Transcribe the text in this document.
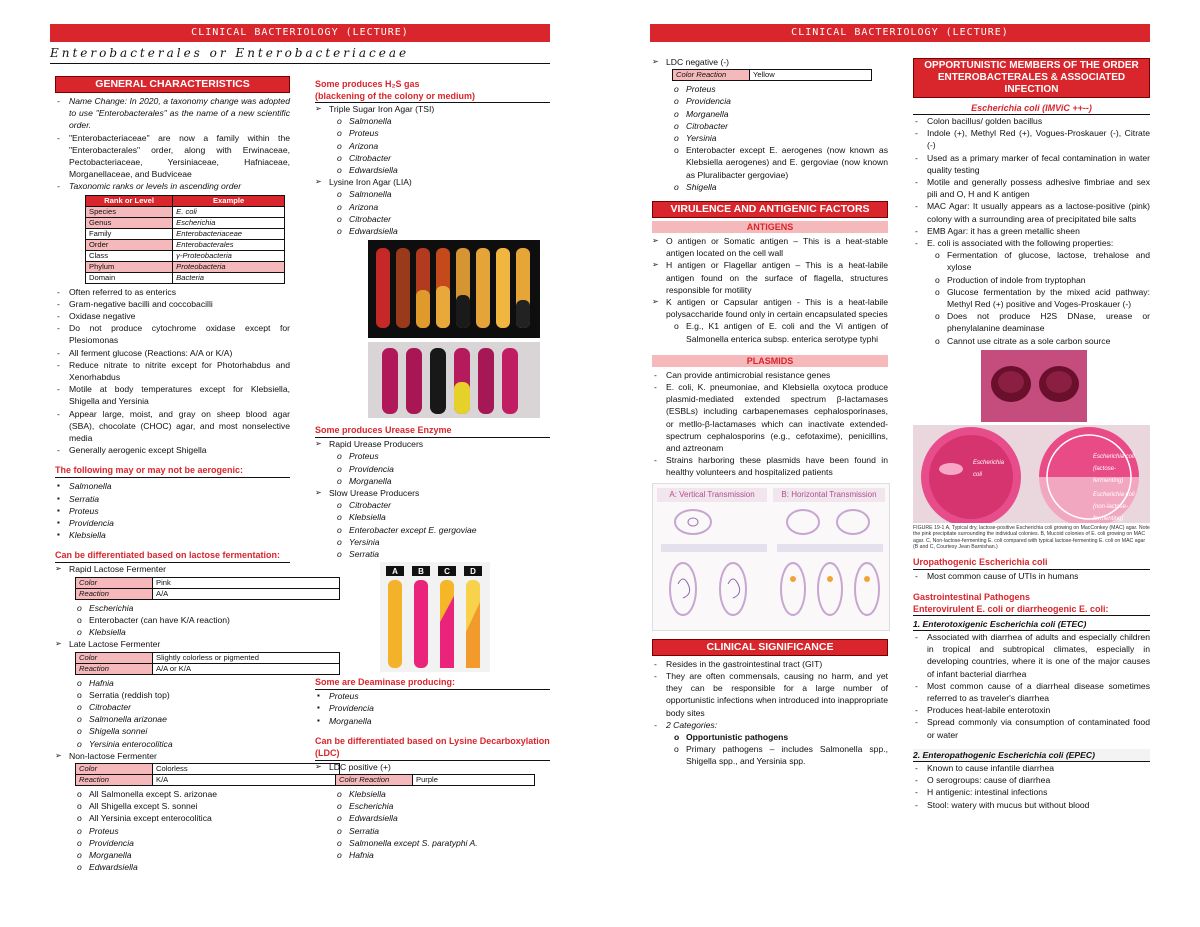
CLINICAL BACTERIOLOGY (LECTURE)
Enterobacterales or Enterobacteriaceae
GENERAL CHARACTERISTICS
- Name Change: In 2020, a taxonomy change was adopted to use "Enterobacterales" as the name of a new scientific order.
- "Enterobacteriaceae" are now a family within the "Enterobacterales" order, along with Erwinaceae, Pectobacteriaceae, Yersiniaceae, Hafniaceae, Morganellaceae, and Budviceae
- Taxonomic ranks or levels in ascending order
Rank or Level	Example
Species	E. coli
Genus	Escherichia
Family	Enterobacteriaceae
Order	Enterobacterales
Class	γ-Proteobacteria
Phylum	Proteobacteria
Domain	Bacteria
- Often referred to as enterics
- Gram-negative bacilli and coccobacilli
- Oxidase negative
- Do not produce cytochrome oxidase except for Plesiomonas
- All ferment glucose (Reactions: A/A or K/A)
- Reduce nitrate to nitrite except for Photorhabdus and Xenorhabdus
- Motile at body temperatures except for Klebsiella, Shigella and Yersinia
- Appear large, moist, and gray on sheep blood agar (SBA), chocolate (CHOC) agar, and most nonselective media
- Generally aerogenic except Shigella
The following may or may not be aerogenic:
▪ Salmonella
▪ Serratia
▪ Proteus
▪ Providencia
▪ Klebsiella
Can be differentiated based on lactose fermentation:
➢ Rapid Lactose Fermenter
Color	Pink
Reaction	A/A
o Escherichia
o Enterobacter (can have K/A reaction)
o Klebsiella
➢ Late Lactose Fermenter
Color	Slightly colorless or pigmented
Reaction	A/A or K/A
o Hafnia
o Serratia (reddish top)
o Citrobacter
o Salmonella arizonae
o Shigella sonnei
o Yersinia enterocolitica
➢ Non-lactose Fermenter
Color	Colorless
Reaction	K/A
o All Salmonella except S. arizonae
o All Shigella except S. sonnei
o All Yersinia except enterocolitica
o Proteus
o Providencia
o Morganella
o Edwardsiella
Some produces H₂S gas
(blackening of the colony or medium)
➢ Triple Sugar Iron Agar (TSI)
o Salmonella
o Proteus
o Arizona
o Citrobacter
o Edwardsiella
➢ Lysine Iron Agar (LIA)
o Salmonella
o Arizona
o Citrobacter
o Edwardsiella
Some produces Urease Enzyme
➢ Rapid Urease Producers
o Proteus
o Providencia
o Morganella
➢ Slow Urease Producers
o Citrobacter
o Klebsiella
o Enterobacter except E. gergoviae
o Yersinia
o Serratia
A	B	C	D
Some are Deaminase producing:
▪ Proteus
▪ Providencia
▪ Morganella
Can be differentiated based on Lysine Decarboxylation (LDC)
➢ LDC positive (+)
Color Reaction	Purple
o Klebsiella
o Escherichia
o Edwardsiella
o Serratia
o Salmonella except S. paratyphi A.
o Hafnia
CLINICAL BACTERIOLOGY (LECTURE)
➢ LDC negative (-)
Color Reaction	Yellow
o Proteus
o Providencia
o Morganella
o Citrobacter
o Yersinia
o Enterobacter except E. aerogenes (now known as Klebsiella aerogenes) and E. gergoviae (now known as Pluralibacter gergoviae)
o Shigella
VIRULENCE AND ANTIGENIC FACTORS
ANTIGENS
➢ O antigen or Somatic antigen – This is a heat-stable antigen located on the cell wall
➢ H antigen or Flagellar antigen – This is a heat-labile antigen found on the surface of flagella, structures responsible for motility
➢ K antigen or Capsular antigen - This is a heat-labile polysaccharide found only in certain encapsulated species
o E.g., K1 antigen of E. coli and the Vi antigen of Salmonella enterica subsp. enterica serotype typhi
PLASMIDS
- Can provide antimicrobial resistance genes
- E. coli, K. pneumoniae, and Klebsiella oxytoca produce plasmid-mediated extended spectrum β-lactamases (ESBLs) including carbapenemases cephalosporinases, or metllo-β-lactamases which can inactivate extended-spectrum cephalosporins (e.g., cefotaxime), penicillins, and aztreonam
- Strains harboring these plasmids have been found in healthy volunteers and hospitalized patients
A: Vertical Transmission	B: Horizontal Transmission
CLINICAL SIGNIFICANCE
- Resides in the gastrointestinal tract (GIT)
- They are often commensals, causing no harm, and yet they can be responsible for a large number of opportunistic infections when introduced into inappropriate body sites
- 2 Categories:
o Opportunistic pathogens
o Primary pathogens – includes Salmonella spp., Shigella spp., and Yersinia spp.
OPPORTUNISTIC MEMBERS OF THE ORDER ENTEROBACTERALES & ASSOCIATED INFECTION
Escherichia coli (IMViC ++--)
- Colon bacillus/ golden bacillus
- Indole (+), Methyl Red (+), Vogues-Proskauer (-), Citrate (-)
- Used as a primary marker of fecal contamination in water quality testing
- Motile and generally possess adhesive fimbriae and sex pili and O, H and K antigen
- MAC Agar: It usually appears as a lactose-positive (pink) colony with a surrounding area of precipitated bile salts
- EMB Agar: it has a green metallic sheen
- E. coli is associated with the following properties:
o Fermentation of glucose, lactose, trehalose and xylose
o Production of indole from tryptophan
o Glucose fermentation by the mixed acid pathway: Methyl Red (+) positive and Voges-Proskauer (-)
o Does not produce H2S DNase, urease or phenylalanine deaminase
o Cannot use citrate as a sole carbon source
Escherichia coli
Escherichia coli (lactose-fermenting)
Escherichia coli (non-lactose-fermenting)
FIGURE 19-1 A, Typical dry, lactose-positive Escherichia coli growing on MacConkey (MAC) agar. Note the pink precipitate surrounding the individual colonies. B, Mucoid colonies of E. coli growing on MAC agar. C, Non-lactose-fermenting E. coli compared with typical lactose-fermenting E. coli on MAC agar (B and C, Courtesy Jean Barnishan.)
Uropathogenic Escherichia coli
- Most common cause of UTIs in humans
Gastrointestinal Pathogens
Enterovirulent E. coli or diarrheogenic E. coli:
1. Enterotoxigenic Escherichia coli (ETEC)
- Associated with diarrhea of adults and especially children in tropical and subtropical climates, especially in developing countries, where it is one of the major causes of infant bacterial diarrhea
- Most common cause of a diarrheal disease sometimes referred to as traveler's diarrhea
- Produces heat-labile enterotoxin
- Spread commonly via consumption of contaminated food or water
2. Enteropathogenic Escherichia coli (EPEC)
- Known to cause infantile diarrhea
- O serogroups: cause of diarrhea
- H antigenic: intestinal infections
- Stool: watery with mucus but without blood
